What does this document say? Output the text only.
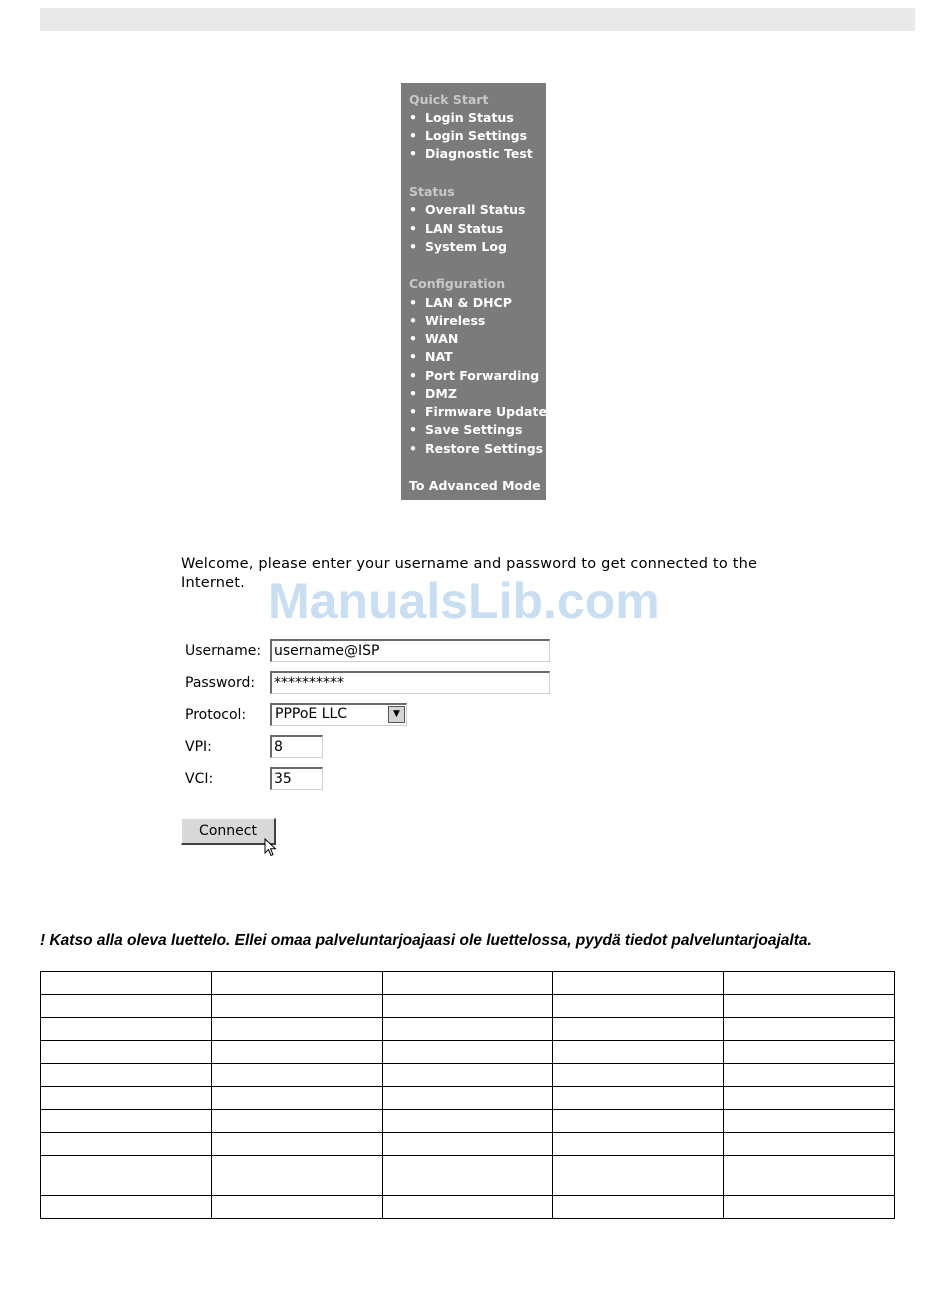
Quick Start
• Login Status
• Login Settings
• Diagnostic Test
Status
• Overall Status
• LAN Status
• System Log
Configuration
• LAN & DHCP
• Wireless
• WAN
• NAT
• Port Forwarding
• DMZ
• Firmware Update
• Save Settings
• Restore Settings
To Advanced Mode
Welcome, please enter your username and password to get connected to the Internet. ManualsLib.com
Username: username@ISP
Password: **********
Protocol: PPPoE LLC	▼
VPI:	8
VCI:	35
Connect
! Katso alla oleva luettelo. Ellei omaa palveluntarjoajaasi ole luettelossa, pyydä tiedot palveluntarjoajalta.
